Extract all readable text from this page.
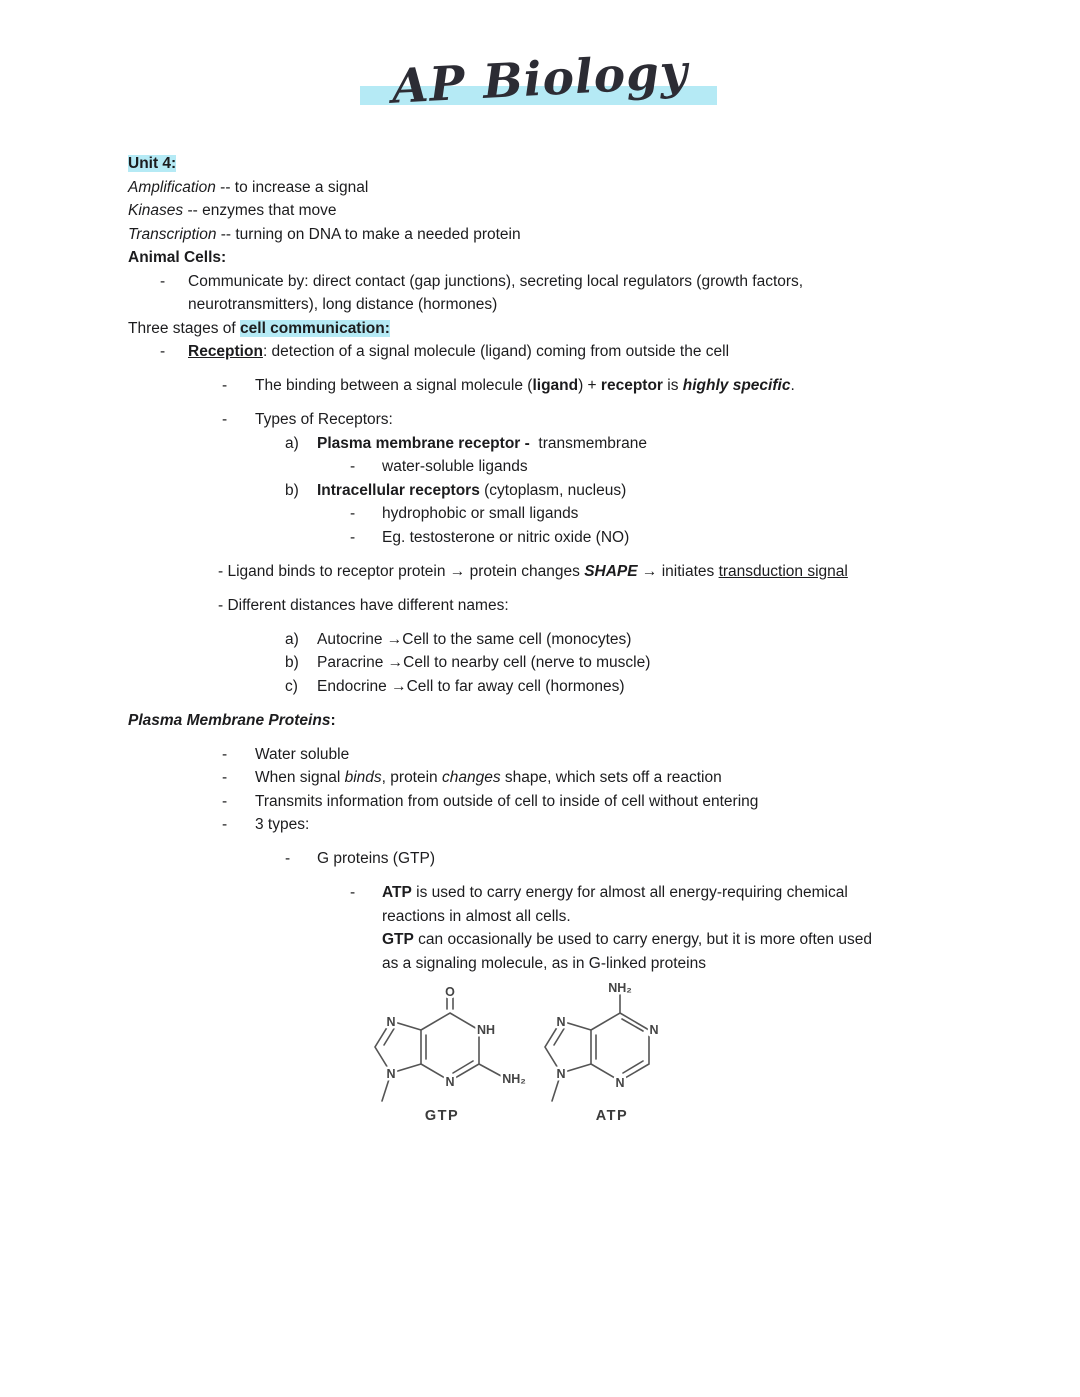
AP Biology
Unit 4:
Amplification -- to increase a signal
Kinases -- enzymes that move
Transcription -- turning on DNA to make a needed protein
Animal Cells:
-	Communicate by: direct contact (gap junctions), secreting local regulators (growth factors,
neurotransmitters), long distance (hormones)
Three stages of cell communication:
-	Reception: detection of a signal molecule (ligand) coming from outside the cell
-	The binding between a signal molecule (ligand) + receptor is highly specific.
-	Types of Receptors:
a)	Plasma membrane receptor -  transmembrane
-	water-soluble ligands
b)	Intracellular receptors (cytoplasm, nucleus)
-	hydrophobic or small ligands
-	Eg. testosterone or nitric oxide (NO)
- Ligand binds to receptor protein → protein changes SHAPE → initiates transduction signal
- Different distances have different names:
a)	Autocrine →Cell to the same cell (monocytes)
b)	Paracrine →Cell to nearby cell (nerve to muscle)
c)	Endocrine →Cell to far away cell (hormones)
Plasma Membrane Proteins:
-	Water soluble
-	When signal binds, protein changes shape, which sets off a reaction
-	Transmits information from outside of cell to inside of cell without entering
-	3 types:
-	G proteins (GTP)
-	ATP is used to carry energy for almost all energy-requiring chemical
reactions in almost all cells.
GTP can occasionally be used to carry energy, but it is more often used
as a signaling molecule, as in G-linked proteins
O
N
N
NH
N	NH₂
GTP
NH₂
N
N
N
N
ATP
